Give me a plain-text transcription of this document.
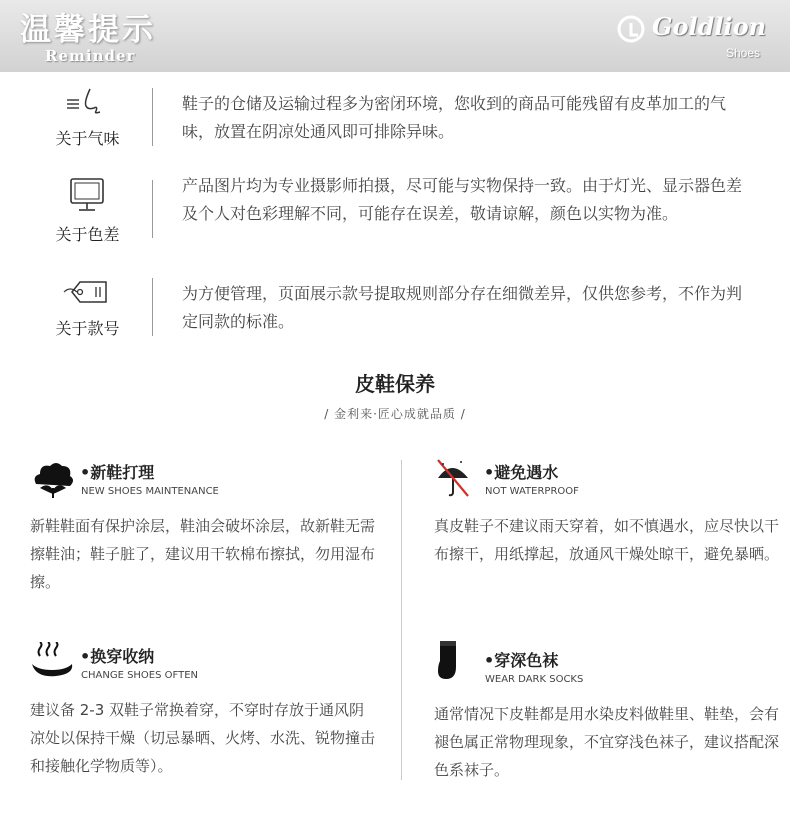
温馨提示
Reminder
Goldlion
Shoes
关于气味
鞋子的仓储及运输过程多为密闭环境，您收到的商品可能残留有皮革加工的气味，放置在阴凉处通风即可排除异味。
关于色差
产品图片均为专业摄影师拍摄，尽可能与实物保持一致。由于灯光、显示器色差及个人对色彩理解不同，可能存在误差，敬请谅解，颜色以实物为准。
关于款号
为方便管理，页面展示款号提取规则部分存在细微差异，仅供您参考，不作为判定同款的标准。
皮鞋保养
/ 金利来·匠心成就品质 /
•新鞋打理
NEW SHOES MAINTENANCE
新鞋鞋面有保护涂层，鞋油会破坏涂层，故新鞋无需擦鞋油；鞋子脏了，建议用干软棉布擦拭，勿用湿布擦。
•避免遇水
NOT WATERPROOF
真皮鞋子不建议雨天穿着，如不慎遇水，应尽快以干布擦干，用纸撑起，放通风干燥处晾干，避免暴晒。
•换穿收纳
CHANGE SHOES OFTEN
建议备 2-3 双鞋子常换着穿，不穿时存放于通风阴凉处以保持干燥（切忌暴晒、火烤、水洗、锐物撞击和接触化学物质等）。
•穿深色袜
WEAR DARK SOCKS
通常情况下皮鞋都是用水染皮料做鞋里、鞋垫，会有褪色属正常物理现象，不宜穿浅色袜子，建议搭配深色系袜子。
